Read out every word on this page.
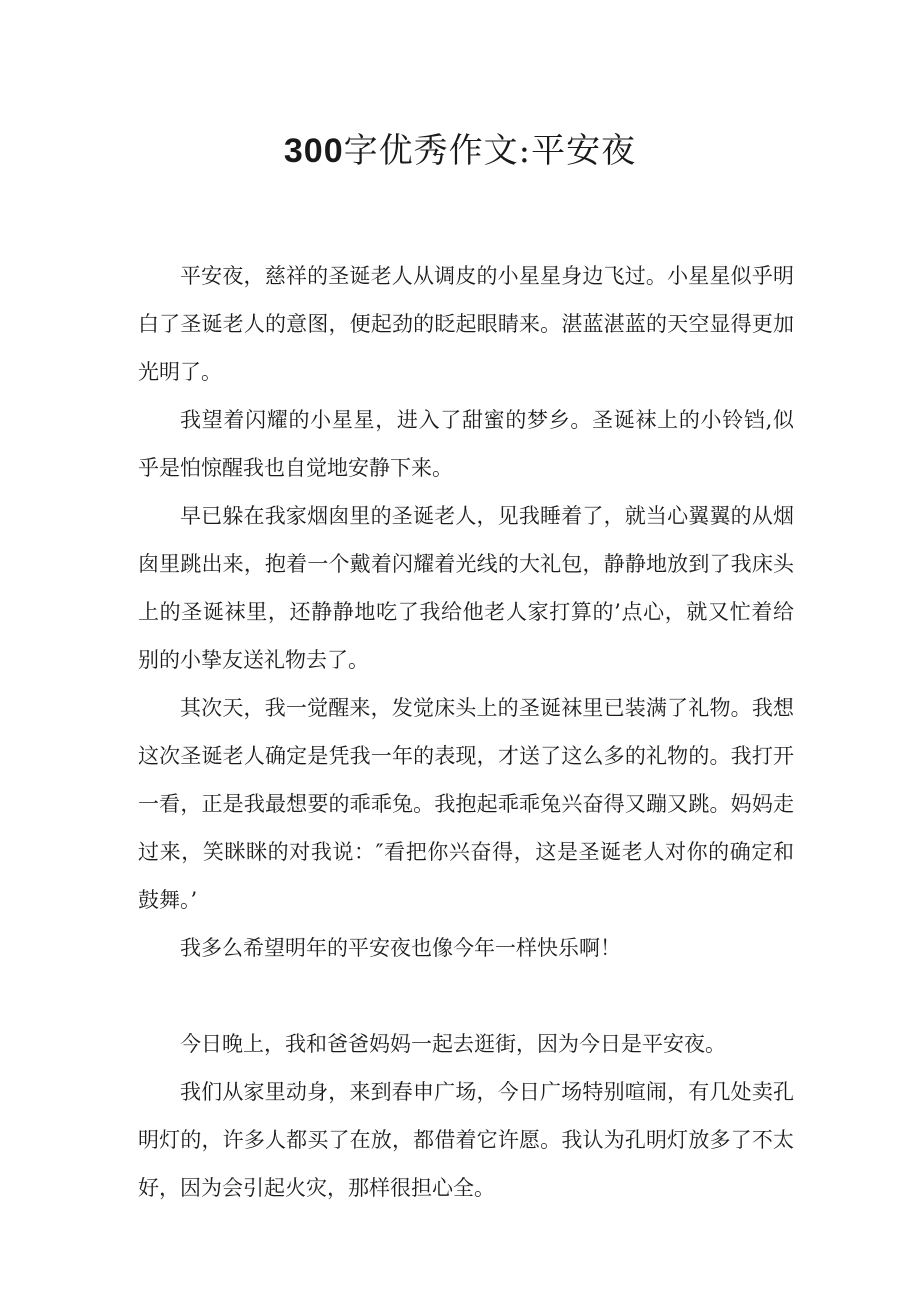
300字优秀作文:平安夜

平安夜，慈祥的圣诞老人从调皮的小星星身边飞过。小星星似乎明白了圣诞老人的意图，便起劲的眨起眼睛来。湛蓝湛蓝的天空显得更加光明了。

我望着闪耀的小星星，进入了甜蜜的梦乡。圣诞袜上的小铃铛,似乎是怕惊醒我也自觉地安静下来。

早已躲在我家烟囱里的圣诞老人，见我睡着了，就当心翼翼的从烟囱里跳出来，抱着一个戴着闪耀着光线的大礼包，静静地放到了我床头上的圣诞袜里，还静静地吃了我给他老人家打算的’点心，就又忙着给别的小挚友送礼物去了。

其次天，我一觉醒来，发觉床头上的圣诞袜里已装满了礼物。我想这次圣诞老人确定是凭我一年的表现，才送了这么多的礼物的。我打开一看，正是我最想要的乖乖兔。我抱起乖乖兔兴奋得又蹦又跳。妈妈走过来，笑眯眯的对我说：″看把你兴奋得，这是圣诞老人对你的确定和鼓舞。’

我多么希望明年的平安夜也像今年一样快乐啊！

今日晚上，我和爸爸妈妈一起去逛街，因为今日是平安夜。

我们从家里动身，来到春申广场，今日广场特别喧闹，有几处卖孔明灯的，许多人都买了在放，都借着它许愿。我认为孔明灯放多了不太好，因为会引起火灾，那样很担心全。
